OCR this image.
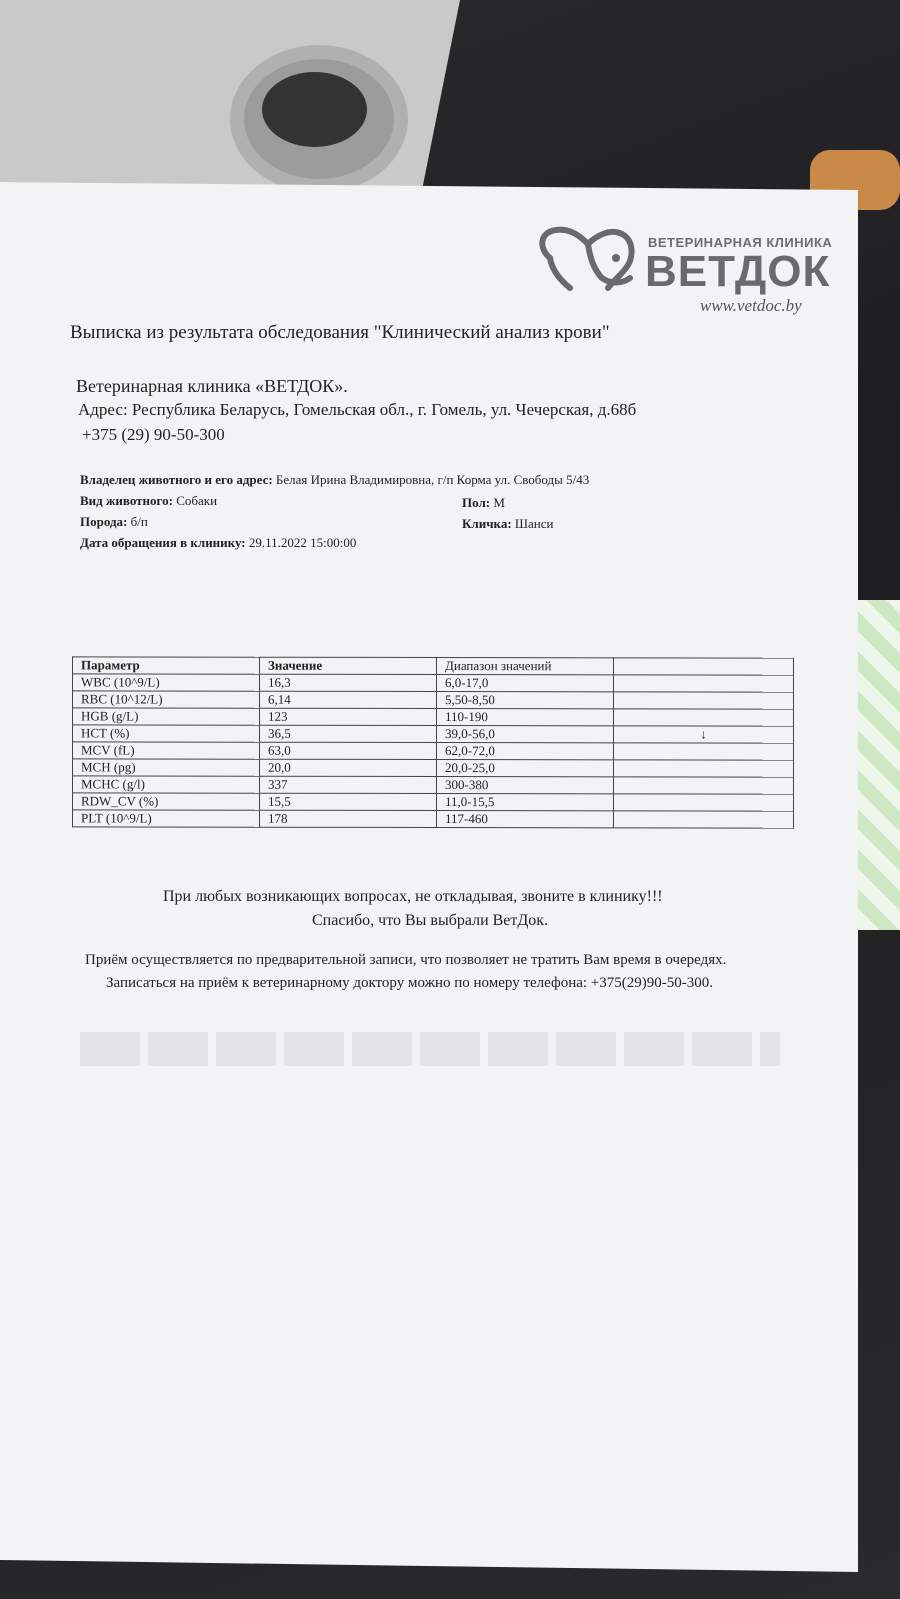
ВЕТЕРИНАРНАЯ КЛИНИКА
ВЕТДОК
www.vetdoc.by
Выписка из результата обследования "Клинический анализ крови"
Ветеринарная клиника «ВЕТДОК».
Адрес: Республика Беларусь, Гомельская обл., г. Гомель, ул. Чечерская, д.68б
+375 (29) 90-50-300
Владелец животного и его адрес: Белая Ирина Владимировна, г/п Корма ул. Свободы 5/43
Вид животного: Собаки	Пол: М
Порода: б/п	Кличка: Шанси
Дата обращения в клинику: 29.11.2022 15:00:00
Параметр	Значение	Диапазон значений	
WBC (10^9/L)	16,3	6,0-17,0	
RBC (10^12/L)	6,14	5,50-8,50	
HGB (g/L)	123	110-190	
HCT (%)	36,5	39,0-56,0	↓
MCV (fL)	63,0	62,0-72,0	
MCH (pg)	20,0	20,0-25,0	
MCHC (g/l)	337	300-380	
RDW_CV (%)	15,5	11,0-15,5	
PLT (10^9/L)	178	117-460	
При любых возникающих вопросах, не откладывая, звоните в клинику!!!
Спасибо, что Вы выбрали ВетДок.
Приём осуществляется по предварительной записи, что позволяет не тратить Вам время в очередях.
Записаться на приём к ветеринарному доктору можно по номеру телефона: +375(29)90-50-300.
